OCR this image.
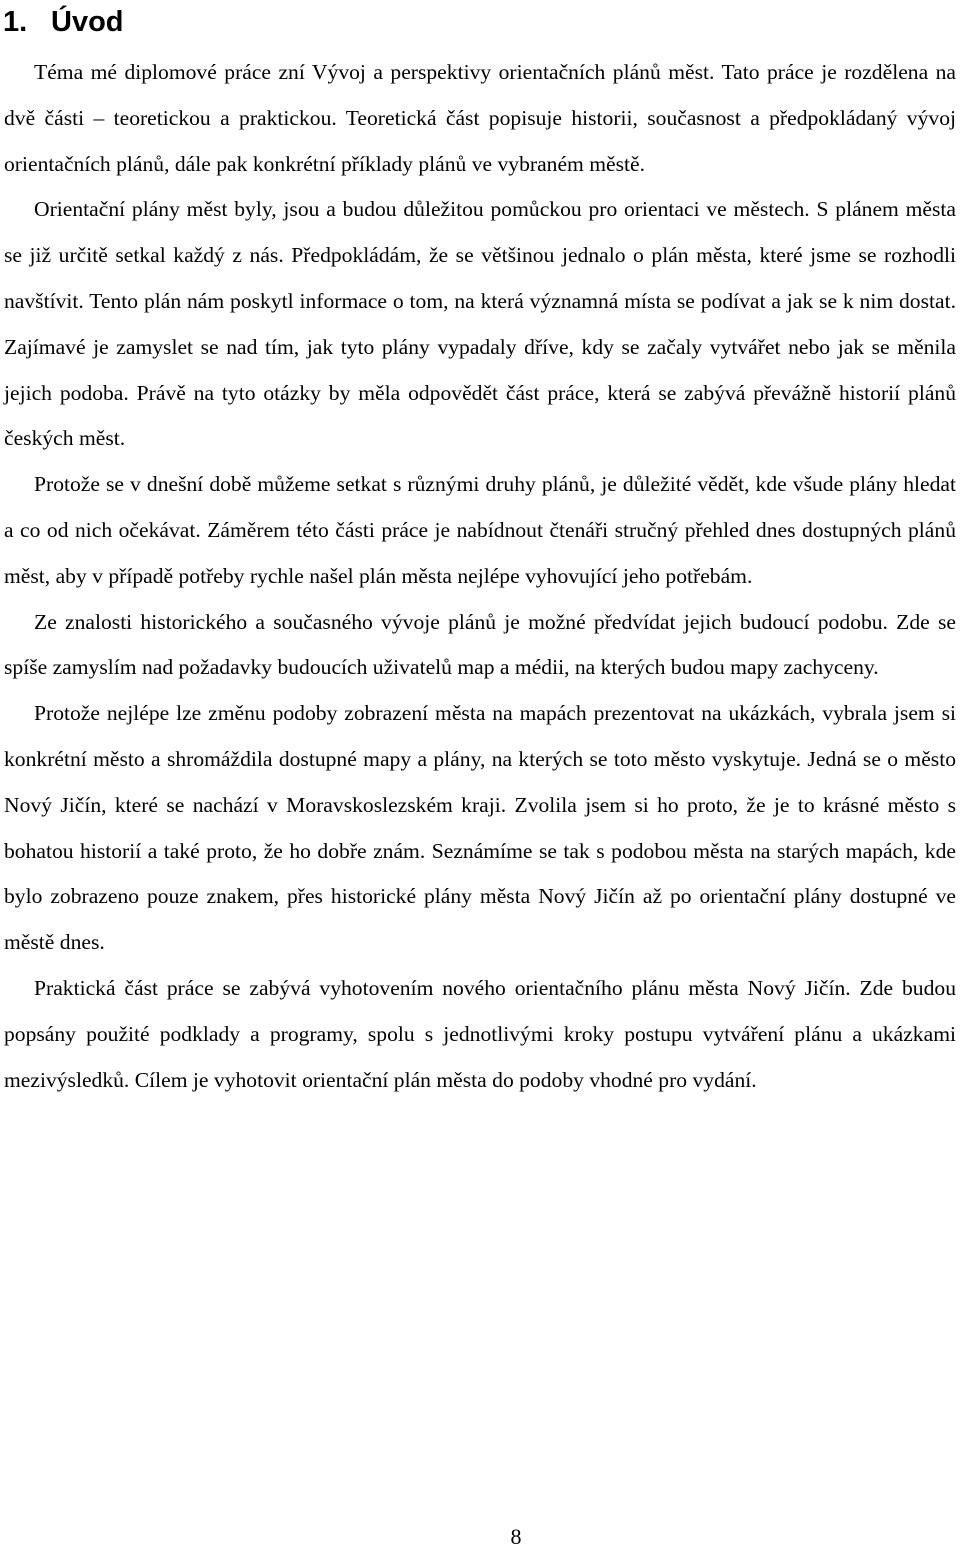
1. Úvod

Téma mé diplomové práce zní Vývoj a perspektivy orientačních plánů měst. Tato práce je rozdělena na dvě části – teoretickou a praktickou. Teoretická část popisuje historii, současnost a předpokládaný vývoj orientačních plánů, dále pak konkrétní příklady plánů ve vybraném městě.

Orientační plány měst byly, jsou a budou důležitou pomůckou pro orientaci ve městech. S plánem města se již určitě setkal každý z nás. Předpokládám, že se většinou jednalo o plán města, které jsme se rozhodli navštívit. Tento plán nám poskytl informace o tom, na která významná místa se podívat a jak se k nim dostat. Zajímavé je zamyslet se nad tím, jak tyto plány vypadaly dříve, kdy se začaly vytvářet nebo jak se měnila jejich podoba. Právě na tyto otázky by měla odpovědět část práce, která se zabývá převážně historií plánů českých měst.

Protože se v dnešní době můžeme setkat s různými druhy plánů, je důležité vědět, kde všude plány hledat a co od nich očekávat. Záměrem této části práce je nabídnout čtenáři stručný přehled dnes dostupných plánů měst, aby v případě potřeby rychle našel plán města nejlépe vyhovující jeho potřebám.

Ze znalosti historického a současného vývoje plánů je možné předvídat jejich budoucí podobu. Zde se spíše zamyslím nad požadavky budoucích uživatelů map a médii, na kterých budou mapy zachyceny.

Protože nejlépe lze změnu podoby zobrazení města na mapách prezentovat na ukázkách, vybrala jsem si konkrétní město a shromáždila dostupné mapy a plány, na kterých se toto město vyskytuje. Jedná se o město Nový Jičín, které se nachází v Moravskoslezském kraji. Zvolila jsem si ho proto, že je to krásné město s bohatou historií a také proto, že ho dobře znám. Seznámíme se tak s podobou města na starých mapách, kde bylo zobrazeno pouze znakem, přes historické plány města Nový Jičín až po orientační plány dostupné ve městě dnes.

Praktická část práce se zabývá vyhotovením nového orientačního plánu města Nový Jičín. Zde budou popsány použité podklady a programy, spolu s jednotlivými kroky postupu vytváření plánu a ukázkami mezivýsledků. Cílem je vyhotovit orientační plán města do podoby vhodné pro vydání.

8
